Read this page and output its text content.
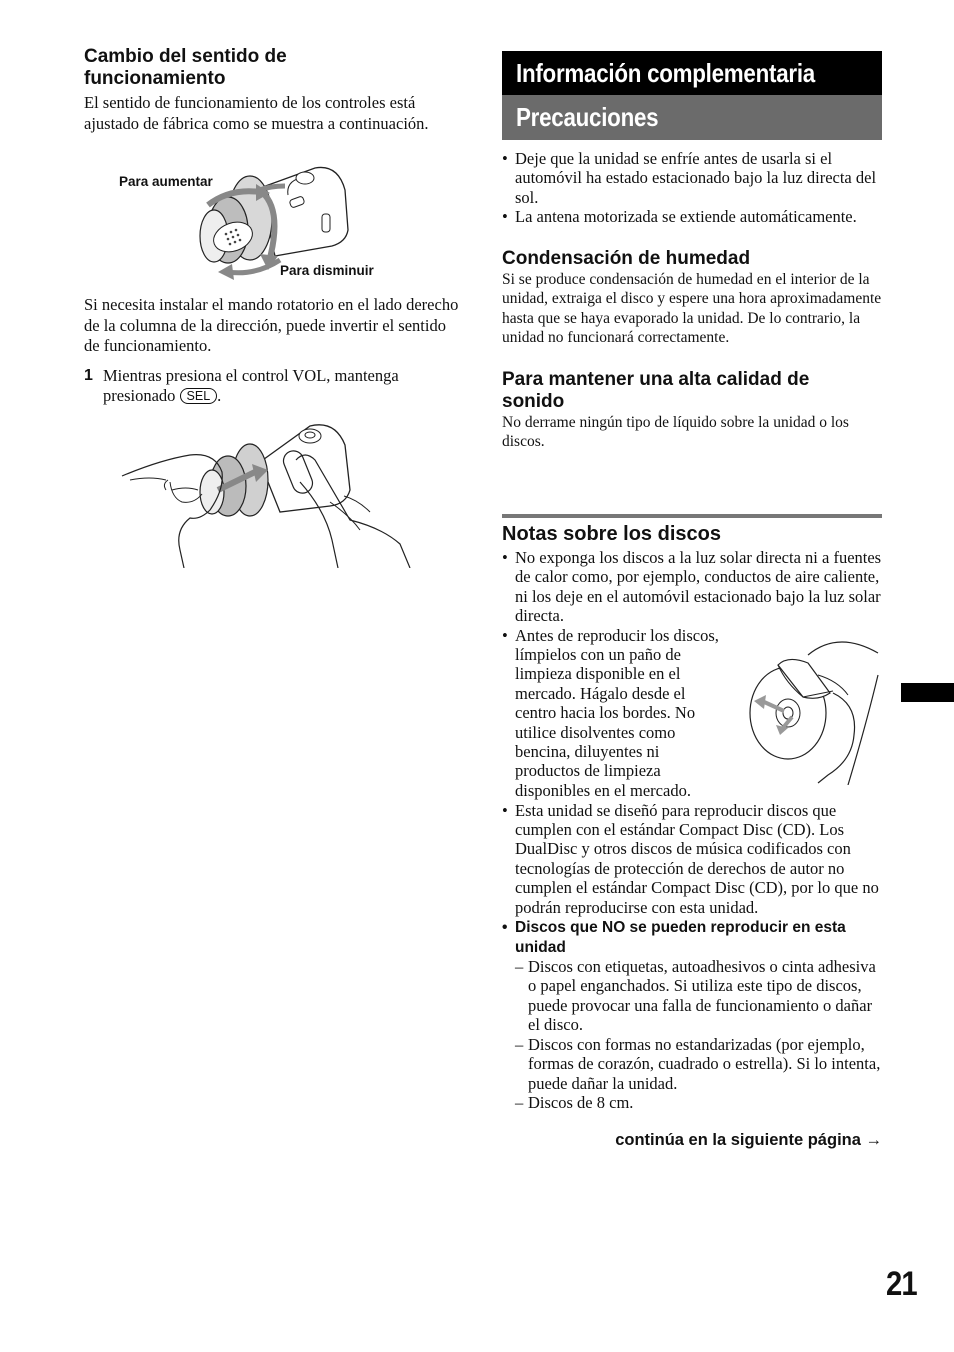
Cambio del sentido de funcionamiento

El sentido de funcionamiento de los controles está ajustado de fábrica como se muestra a continuación.

Para aumentar
Para disminuir

Si necesita instalar el mando rotatorio en el lado derecho de la columna de la dirección, puede invertir el sentido de funcionamiento.

1 Mientras presiona el control VOL, mantenga presionado SEL .
Información complementaria
Precauciones
• Deje que la unidad se enfríe antes de usarla si el automóvil ha estado estacionado bajo la luz directa del sol.
• La antena motorizada se extiende automáticamente.
Condensación de humedad

Si se produce condensación de humedad en el interior de la unidad, extraiga el disco y espere una hora aproximadamente hasta que se haya evaporado la unidad. De lo contrario, la unidad no funcionará correctamente.

Para mantener una alta calidad de sonido

No derrame ningún tipo de líquido sobre la unidad o los discos.

Notas sobre los discos
• No exponga los discos a la luz solar directa ni a fuentes de calor como, por ejemplo, conductos de aire caliente, ni los deje en el automóvil estacionado bajo la luz solar directa.
• Antes de reproducir los discos,
límpielos con un paño de
limpieza disponible en el
mercado. Hágalo desde el
centro hacia los bordes. No
utilice disolventes como
bencina, diluyentes ni
productos de limpieza
disponibles en el mercado.
• Esta unidad se diseñó para reproducir discos que cumplen con el estándar Compact Disc (CD). Los DualDisc y otros discos de música codificados con tecnologías de protección de derechos de autor no cumplen el estándar Compact Disc (CD), por lo que no podrán reproducirse con esta unidad.
• Discos que NO se pueden reproducir en esta unidad
– Discos con etiquetas, autoadhesivos o cinta adhesiva o papel enganchados. Si utiliza este tipo de discos, puede provocar una falla de funcionamiento o dañar el disco.
– Discos con formas no estandarizadas (por ejemplo, formas de corazón, cuadrado o estrella). Si lo intenta, puede dañar la unidad.
– Discos de 8 cm.
continúa en la siguiente página →
21
